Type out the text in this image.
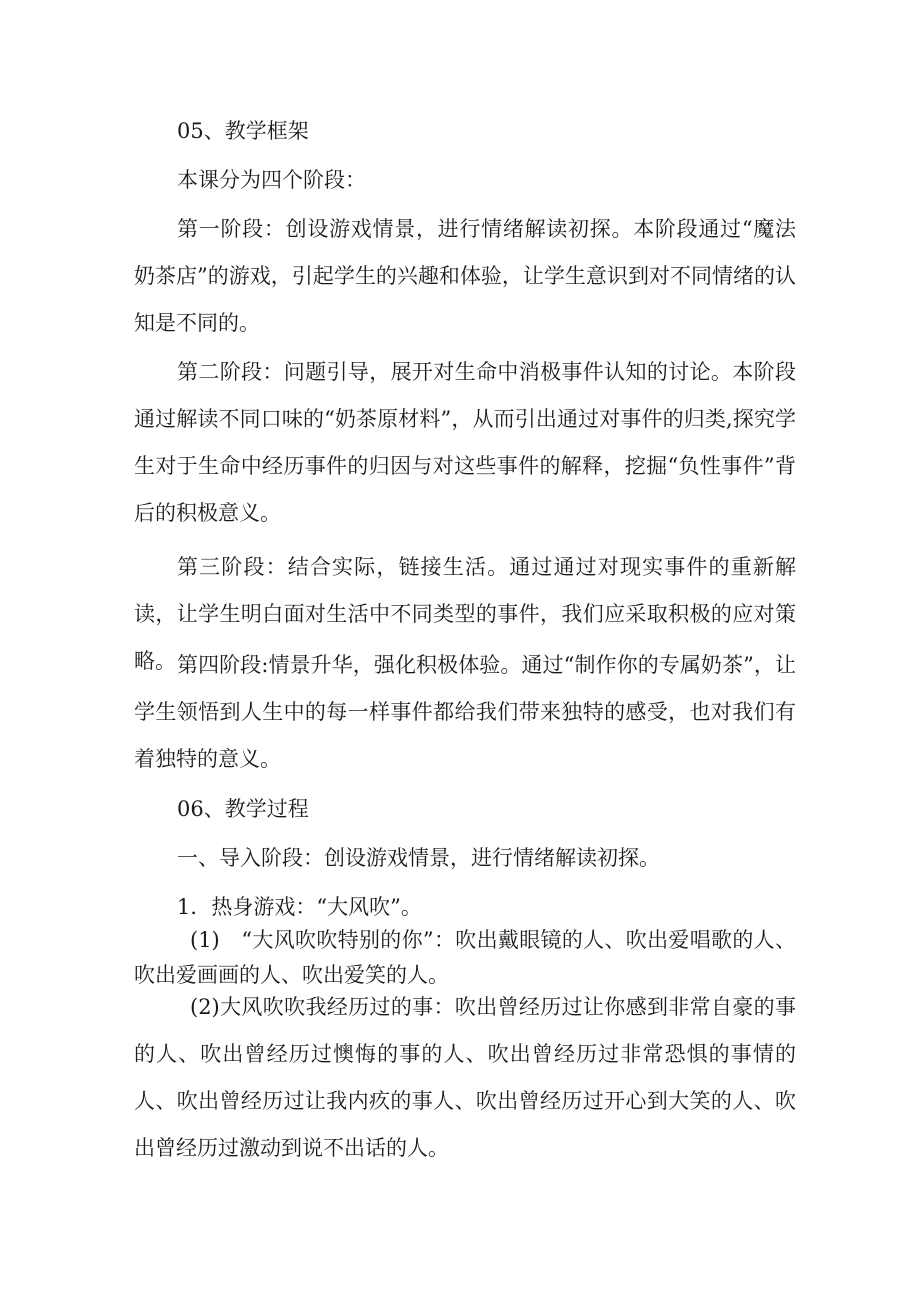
05、教学框架

本课分为四个阶段：

第一阶段：创设游戏情景，进行情绪解读初探。本阶段通过“魔法奶茶店”的游戏，引起学生的兴趣和体验，让学生意识到对不同情绪的认知是不同的。

第二阶段：问题引导，展开对生命中消极事件认知的讨论。本阶段通过解读不同口味的“奶茶原材料”，从而引出通过对事件的归类,探究学生对于生命中经历事件的归因与对这些事件的解释，挖掘“负性事件”背后的积极意义。

第三阶段：结合实际，链接生活。通过通过对现实事件的重新解读，让学生明白面对生活中不同类型的事件，我们应采取积极的应对策略。 第四阶段:情景升华，强化积极体验。通过“制作你的专属奶茶”，让学生领悟到人生中的每一样事件都给我们带来独特的感受，也对我们有着独特的意义。

06、教学过程

一、导入阶段：创设游戏情景，进行情绪解读初探。

1．热身游戏：“大风吹”。

(1)　“大风吹吹特别的你”：吹出戴眼镜的人、吹出爱唱歌的人、吹出爱画画的人、吹出爱笑的人。

(2)大风吹吹我经历过的事：吹出曾经历过让你感到非常自豪的事的人、吹出曾经历过懊悔的事的人、吹出曾经历过非常恐惧的事情的人、吹出曾经历过让我内疚的事人、吹出曾经历过开心到大笑的人、吹出曾经历过激动到说不出话的人。
